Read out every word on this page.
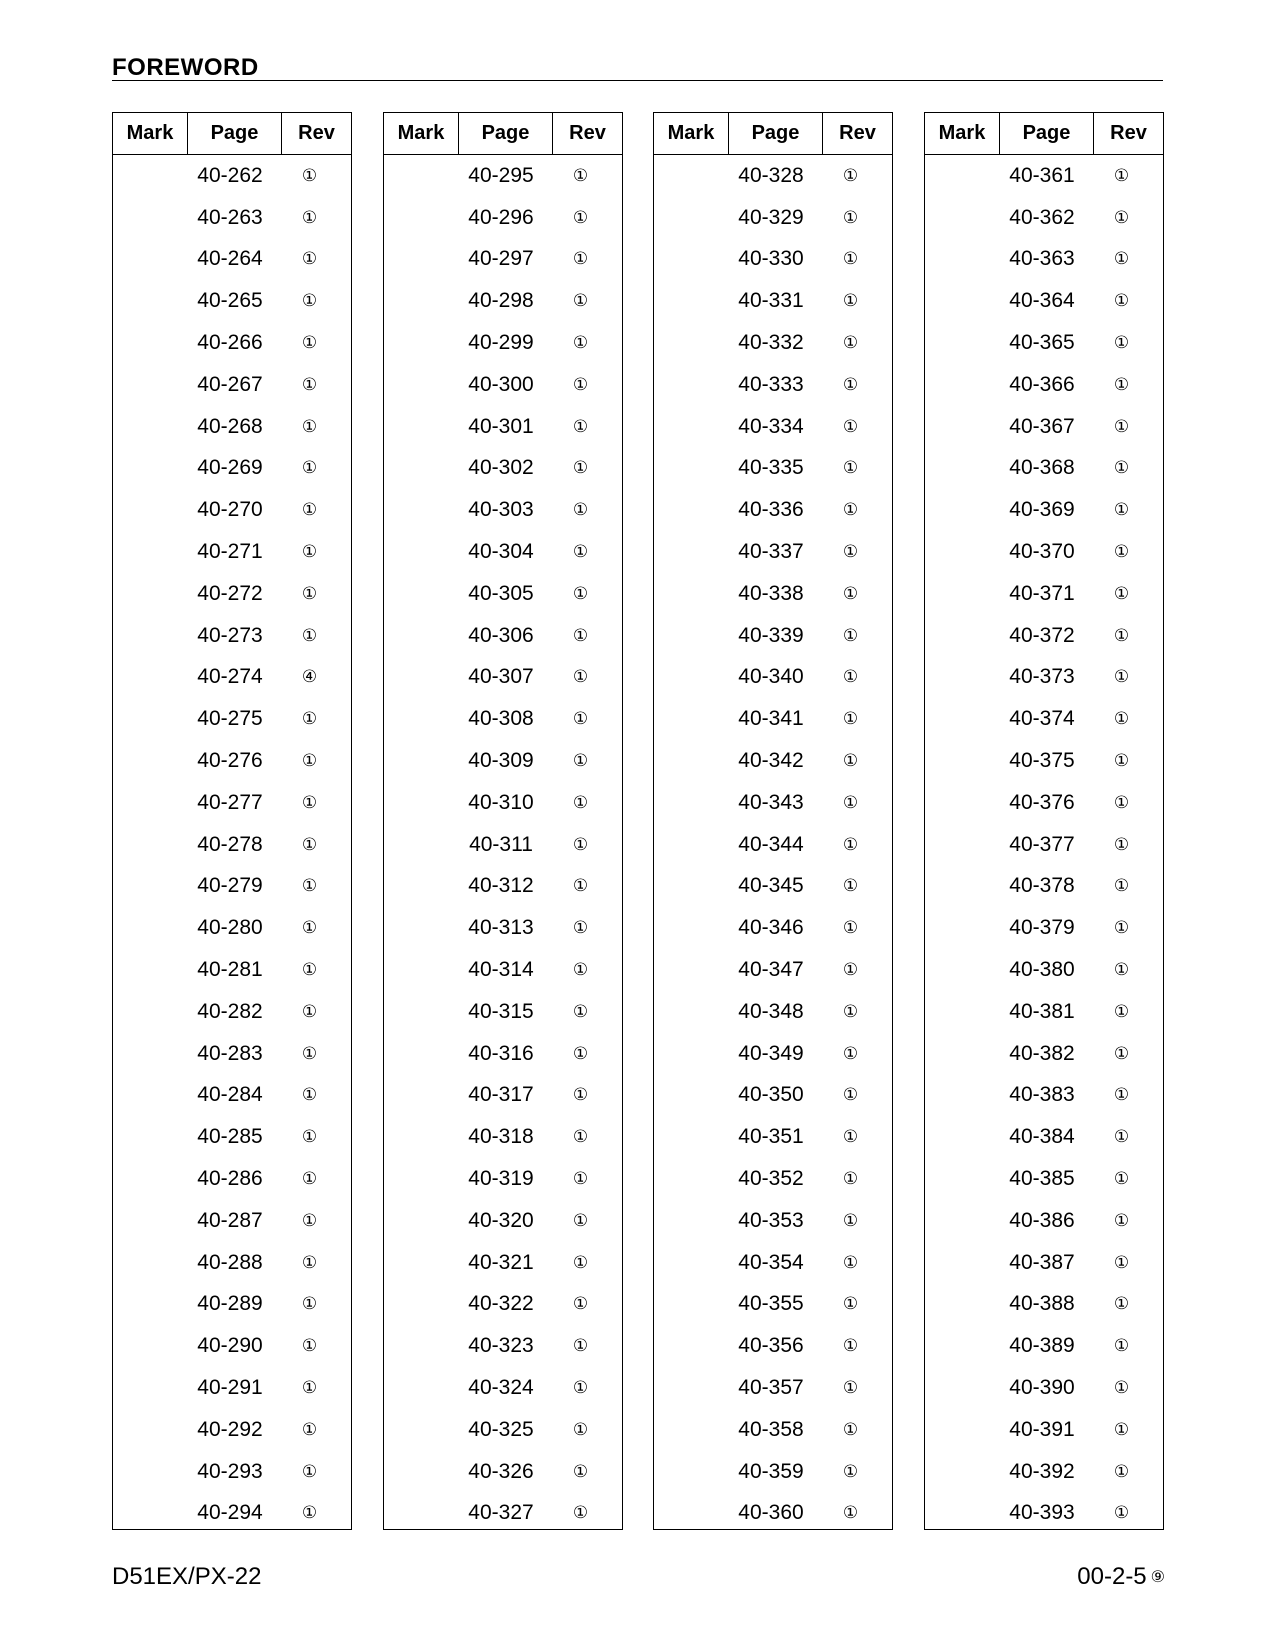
FOREWORD
Mark	Page	Rev
40-262	①
40-263	①
40-264	①
40-265	①
40-266	①
40-267	①
40-268	①
40-269	①
40-270	①
40-271	①
40-272	①
40-273	①
40-274	④
40-275	①
40-276	①
40-277	①
40-278	①
40-279	①
40-280	①
40-281	①
40-282	①
40-283	①
40-284	①
40-285	①
40-286	①
40-287	①
40-288	①
40-289	①
40-290	①
40-291	①
40-292	①
40-293	①
40-294	①
Mark	Page	Rev
40-295	①
40-296	①
40-297	①
40-298	①
40-299	①
40-300	①
40-301	①
40-302	①
40-303	①
40-304	①
40-305	①
40-306	①
40-307	①
40-308	①
40-309	①
40-310	①
40-311	①
40-312	①
40-313	①
40-314	①
40-315	①
40-316	①
40-317	①
40-318	①
40-319	①
40-320	①
40-321	①
40-322	①
40-323	①
40-324	①
40-325	①
40-326	①
40-327	①
Mark	Page	Rev
40-328	①
40-329	①
40-330	①
40-331	①
40-332	①
40-333	①
40-334	①
40-335	①
40-336	①
40-337	①
40-338	①
40-339	①
40-340	①
40-341	①
40-342	①
40-343	①
40-344	①
40-345	①
40-346	①
40-347	①
40-348	①
40-349	①
40-350	①
40-351	①
40-352	①
40-353	①
40-354	①
40-355	①
40-356	①
40-357	①
40-358	①
40-359	①
40-360	①
Mark	Page	Rev
40-361	①
40-362	①
40-363	①
40-364	①
40-365	①
40-366	①
40-367	①
40-368	①
40-369	①
40-370	①
40-371	①
40-372	①
40-373	①
40-374	①
40-375	①
40-376	①
40-377	①
40-378	①
40-379	①
40-380	①
40-381	①
40-382	①
40-383	①
40-384	①
40-385	①
40-386	①
40-387	①
40-388	①
40-389	①
40-390	①
40-391	①
40-392	①
40-393	①
D51EX/PX-22	00-2-5 ⑨
